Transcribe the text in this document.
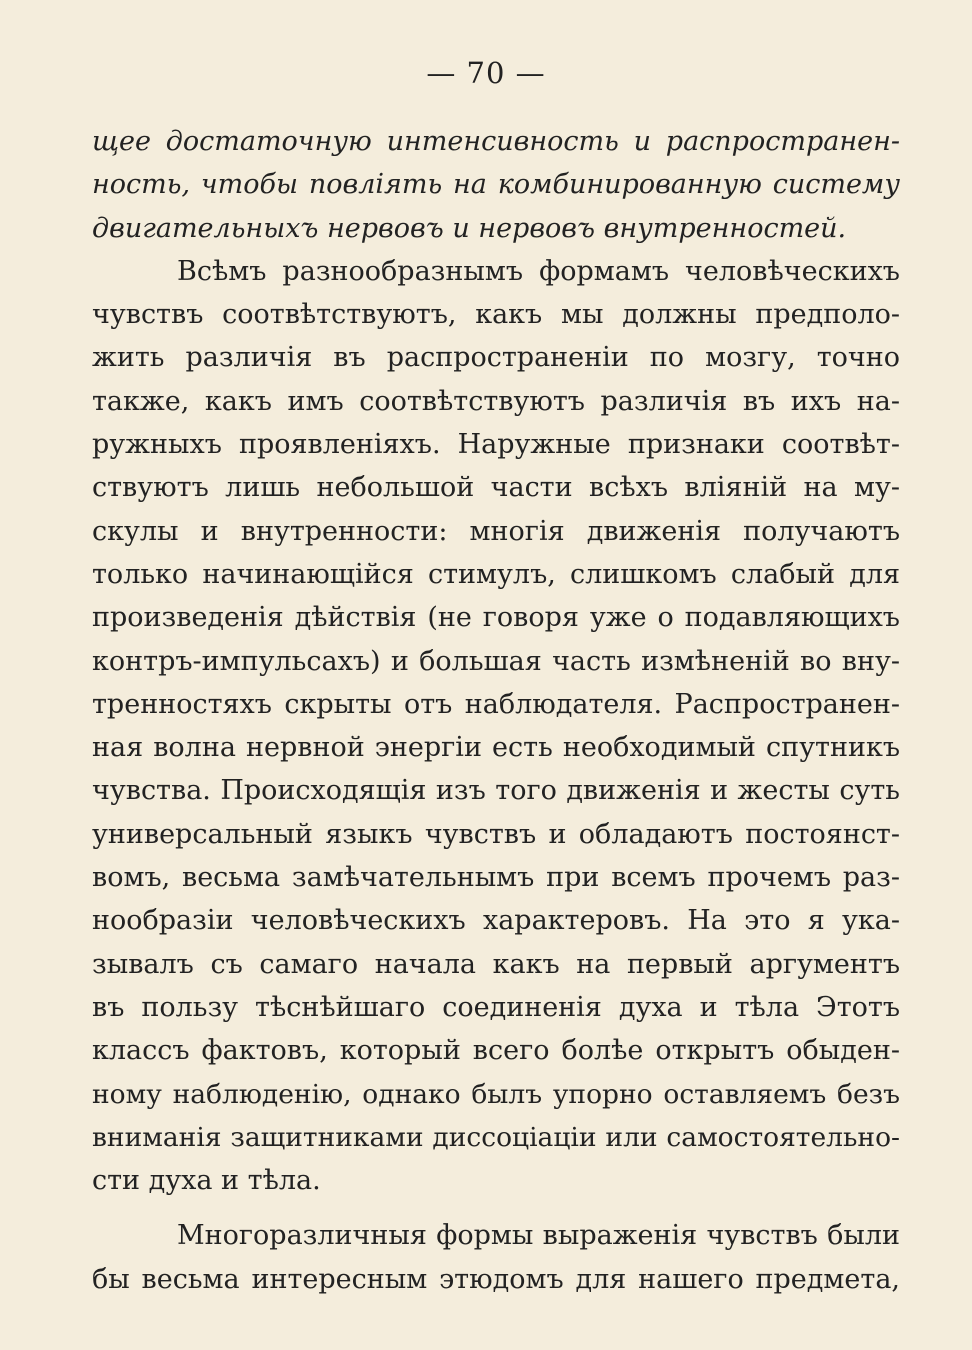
— 70 —
щее достаточную интенсивность и распространен-
ность, чтобы повліять на комбинированную систему
двигательныхъ нервовъ и нервовъ внутренностей.
Всѣмъ разнообразнымъ формамъ человѣческихъ
чувствъ соотвѣтствуютъ, какъ мы должны предполо-
жить различія въ распространеніи по мозгу, точно
также, какъ имъ соотвѣтствуютъ различія въ ихъ на-
ружныхъ проявленіяхъ. Наружные признаки соотвѣт-
ствуютъ лишь небольшой части всѣхъ вліяній на му-
скулы и внутренности: многія движенія получаютъ
только начинающійся стимулъ, слишкомъ слабый для
произведенія дѣйствія (не говоря уже о подавляющихъ
контръ-импульсахъ) и большая часть измѣненій во вну-
тренностяхъ скрыты отъ наблюдателя. Распространен-
ная волна нервной энергіи есть необходимый спутникъ
чувства. Происходящія изъ того движенія и жесты суть
универсальный языкъ чувствъ и обладаютъ постоянст-
вомъ, весьма замѣчательнымъ при всемъ прочемъ раз-
нообразіи человѣческихъ характеровъ. На это я ука-
зывалъ съ самаго начала какъ на первый аргументъ
въ пользу тѣснѣйшаго соединенія духа и тѣла Этотъ
классъ фактовъ, который всего болѣе открытъ обыден-
ному наблюденію, однако былъ упорно оставляемъ безъ
вниманія защитниками диссоціаціи или самостоятельно-
сти духа и тѣла.
Многоразличныя формы выраженія чувствъ были
бы весьма интересным этюдомъ для нашего предмета,
